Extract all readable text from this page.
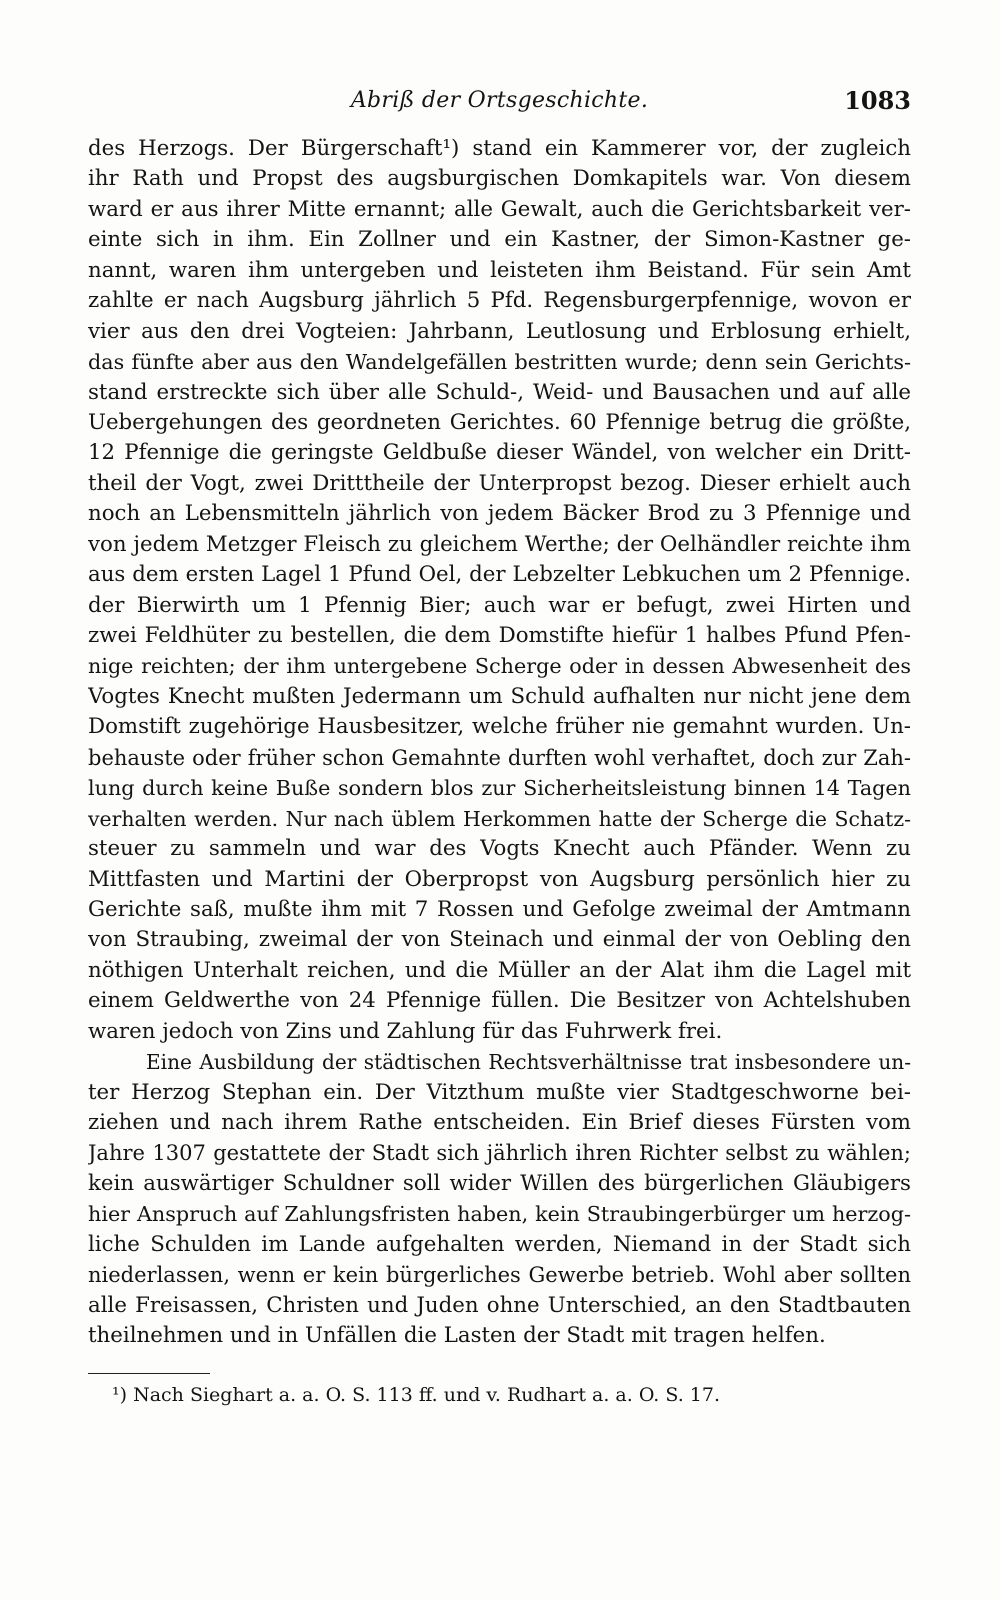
Abriß der Ortsgeschichte.	1083
des Herzogs. Der Bürgerschaft¹) stand ein Kammerer vor, der zugleich
ihr Rath und Propst des augsburgischen Domkapitels war. Von diesem
ward er aus ihrer Mitte ernannt; alle Gewalt, auch die Gerichtsbarkeit ver-
einte sich in ihm. Ein Zollner und ein Kastner, der Simon-Kastner ge-
nannt, waren ihm untergeben und leisteten ihm Beistand. Für sein Amt
zahlte er nach Augsburg jährlich 5 Pfd. Regensburgerpfennige, wovon er
vier aus den drei Vogteien: Jahrbann, Leutlosung und Erblosung erhielt,
das fünfte aber aus den Wandelgefällen bestritten wurde; denn sein Gerichts-
stand erstreckte sich über alle Schuld-, Weid- und Bausachen und auf alle
Uebergehungen des geordneten Gerichtes. 60 Pfennige betrug die größte,
12 Pfennige die geringste Geldbuße dieser Wändel, von welcher ein Dritt-
theil der Vogt, zwei Dritttheile der Unterpropst bezog. Dieser erhielt auch
noch an Lebensmitteln jährlich von jedem Bäcker Brod zu 3 Pfennige und
von jedem Metzger Fleisch zu gleichem Werthe; der Oelhändler reichte ihm
aus dem ersten Lagel 1 Pfund Oel, der Lebzelter Lebkuchen um 2 Pfennige.
der Bierwirth um 1 Pfennig Bier; auch war er befugt, zwei Hirten und
zwei Feldhüter zu bestellen, die dem Domstifte hiefür 1 halbes Pfund Pfen-
nige reichten; der ihm untergebene Scherge oder in dessen Abwesenheit des
Vogtes Knecht mußten Jedermann um Schuld aufhalten nur nicht jene dem
Domstift zugehörige Hausbesitzer, welche früher nie gemahnt wurden. Un-
behauste oder früher schon Gemahnte durften wohl verhaftet, doch zur Zah-
lung durch keine Buße sondern blos zur Sicherheitsleistung binnen 14 Tagen
verhalten werden. Nur nach üblem Herkommen hatte der Scherge die Schatz-
steuer zu sammeln und war des Vogts Knecht auch Pfänder. Wenn zu
Mittfasten und Martini der Oberpropst von Augsburg persönlich hier zu
Gerichte saß, mußte ihm mit 7 Rossen und Gefolge zweimal der Amtmann
von Straubing, zweimal der von Steinach und einmal der von Oebling den
nöthigen Unterhalt reichen, und die Müller an der Alat ihm die Lagel mit
einem Geldwerthe von 24 Pfennige füllen. Die Besitzer von Achtelshuben
waren jedoch von Zins und Zahlung für das Fuhrwerk frei.
Eine Ausbildung der städtischen Rechtsverhältnisse trat insbesondere un-
ter Herzog Stephan ein. Der Vitzthum mußte vier Stadtgeschworne bei-
ziehen und nach ihrem Rathe entscheiden. Ein Brief dieses Fürsten vom
Jahre 1307 gestattete der Stadt sich jährlich ihren Richter selbst zu wählen;
kein auswärtiger Schuldner soll wider Willen des bürgerlichen Gläubigers
hier Anspruch auf Zahlungsfristen haben, kein Straubingerbürger um herzog-
liche Schulden im Lande aufgehalten werden, Niemand in der Stadt sich
niederlassen, wenn er kein bürgerliches Gewerbe betrieb. Wohl aber sollten
alle Freisassen, Christen und Juden ohne Unterschied, an den Stadtbauten
theilnehmen und in Unfällen die Lasten der Stadt mit tragen helfen.
¹) Nach Sieghart a. a. O. S. 113 ff. und v. Rudhart a. a. O. S. 17.
